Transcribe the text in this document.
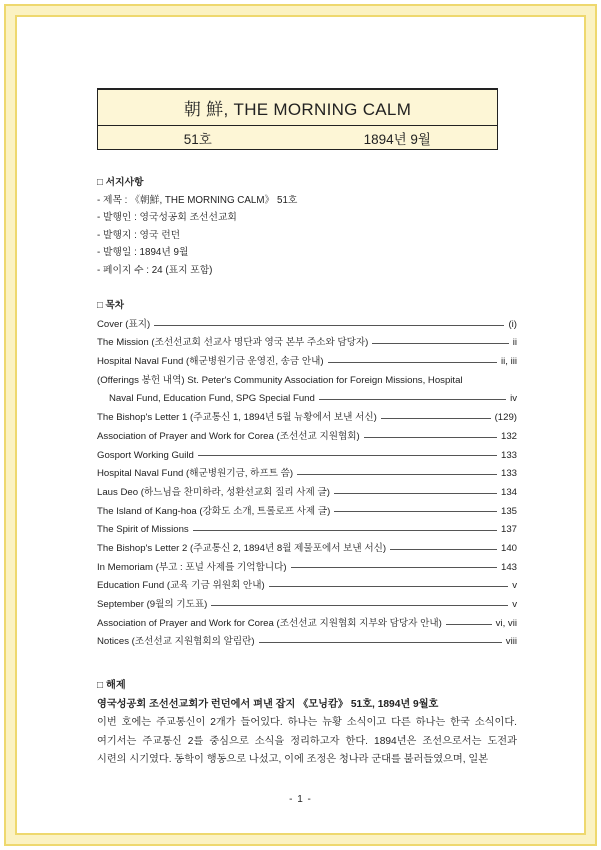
朝 鮮, THE MORNING CALM
51호	1894년 9월
□ 서지사항
- 제목 : 《朝鮮, THE MORNING CALM》 51호
- 발행인 : 영국성공회 조선선교회
- 발행지 : 영국 런던
- 발행일 : 1894년 9월
- 페이지 수 : 24 (표지 포함)
□ 목차
Cover (표지)	(i)
The Mission (조선선교회 선교사 명단과 영국 본부 주소와 담당자)	ii
Hospital Naval Fund (해군병원기금 운영진, 송금 안내)	ii, iii
(Offerings 봉헌 내역) St. Peter's Community Association for Foreign Missions, Hospital
Naval Fund, Education Fund, SPG Special Fund	iv
The Bishop's Letter 1 (주교통신 1, 1894년 5월 뉴황에서 보낸 서신)	(129)
Association of Prayer and Work for Corea (조선선교 지원협회)	132
Gosport Working Guild	133
Hospital Naval Fund (해군병원기금, 하프트 씀)	133
Laus Deo (하느님을 찬미하라, 성환선교회 질리 사제 글)	134
The Island of Kang-hoa (강화도 소개, 트롤로프 사제 글)	135
The Spirit of Missions	137
The Bishop's Letter 2 (주교통신 2, 1894년 8월 제물포에서 보낸 서신)	140
In Memoriam (부고 : 포널 사제를 기억합니다)	143
Education Fund (교육 기금 위원회 안내)	v
September (9월의 기도표)	v
Association of Prayer and Work for Corea (조선선교 지원협회 지부와 담당자 안내)	vi, vii
Notices (조선선교 지원협회의 알림란)	viii
□ 해제
영국성공회 조선선교회가 런던에서 펴낸 잡지 《모닝캄》 51호, 1894년 9월호
이번 호에는 주교통신이 2개가 들어있다. 하나는 뉴황 소식이고 다른 하나는 한국 소식이다. 여기서는 주교통신 2를 중심으로 소식을 정리하고자 한다. 1894년은 조선으로서는 도전과 시련의 시기였다. 동학이 행동으로 나섰고, 이에 조정은 청나라 군대를 불러들였으며, 일본
- 1 -
